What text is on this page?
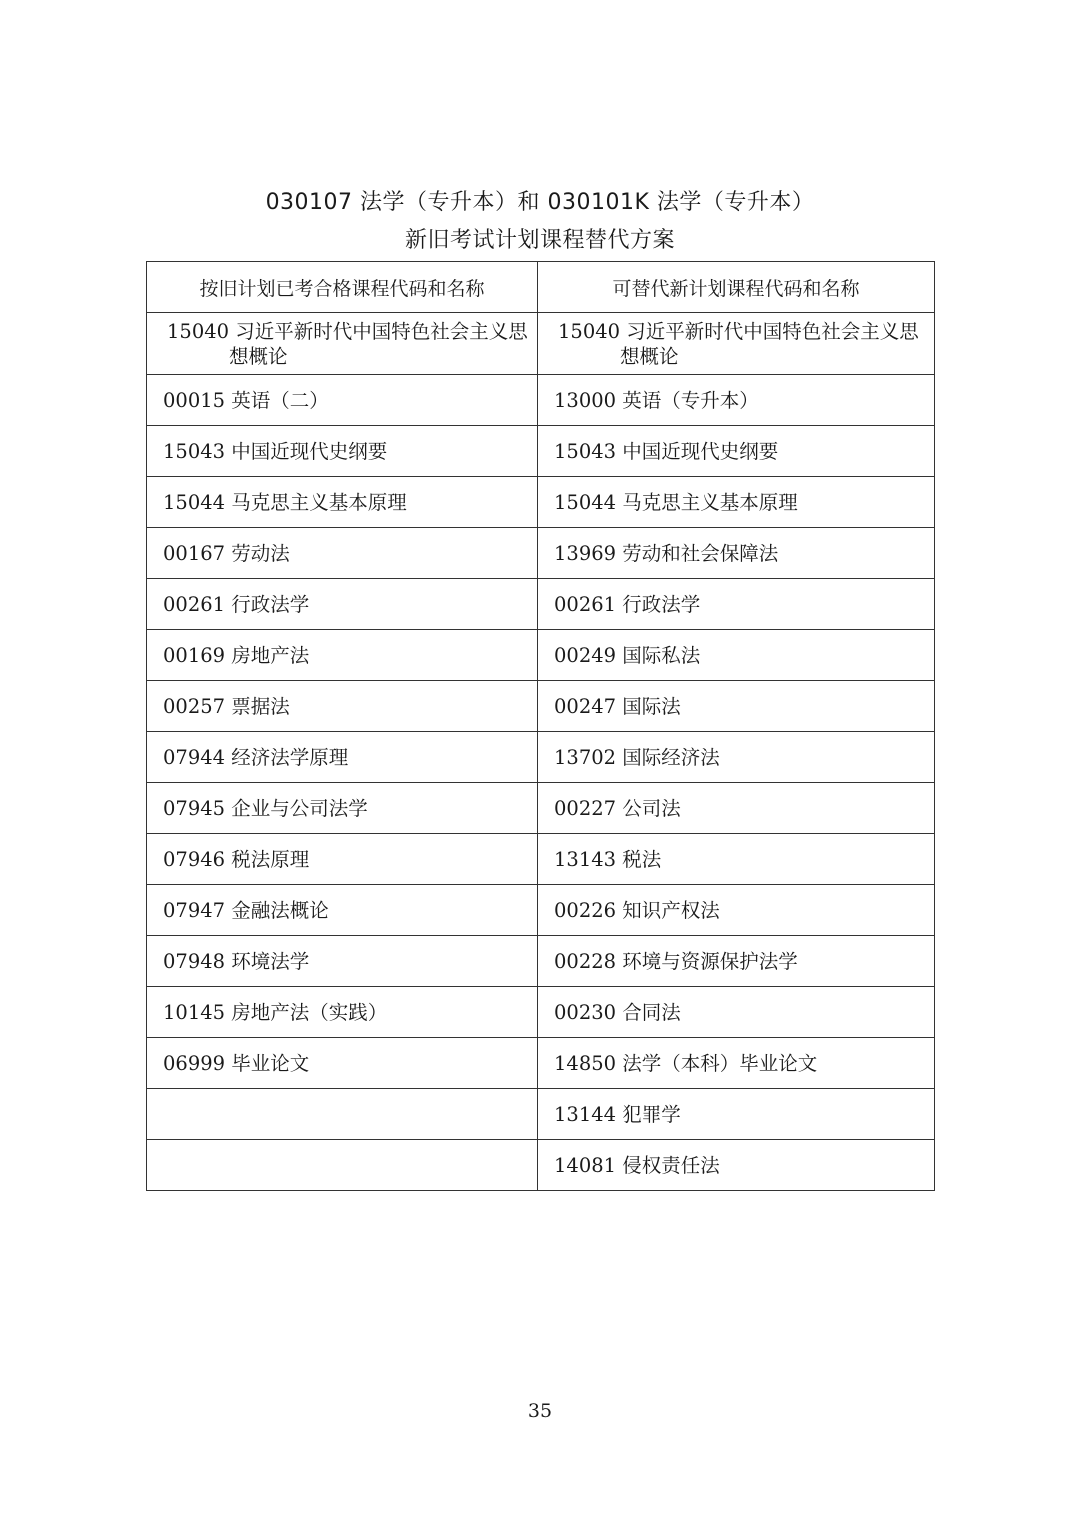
030107 法学（专升本）和 030101K 法学（专升本）
新旧考试计划课程替代方案
按旧计划已考合格课程代码和名称	可替代新计划课程代码和名称

15040 习近平新时代中国特色社会主义思想概论	15040 习近平新时代中国特色社会主义思想概论

00015 英语（二）	13000 英语（专升本）
15043 中国近现代史纲要	15043 中国近现代史纲要
15044 马克思主义基本原理	15044 马克思主义基本原理
00167 劳动法	13969 劳动和社会保障法
00261 行政法学	00261 行政法学
00169 房地产法	00249 国际私法
00257 票据法	00247 国际法
07944 经济法学原理	13702 国际经济法
07945 企业与公司法学	00227 公司法
07946 税法原理	13143 税法
07947 金融法概论	00226 知识产权法
07948 环境法学	00228 环境与资源保护法学
10145 房地产法（实践）	00230 合同法
06999 毕业论文	14850 法学（本科）毕业论文
	13144 犯罪学
	14081 侵权责任法
35
